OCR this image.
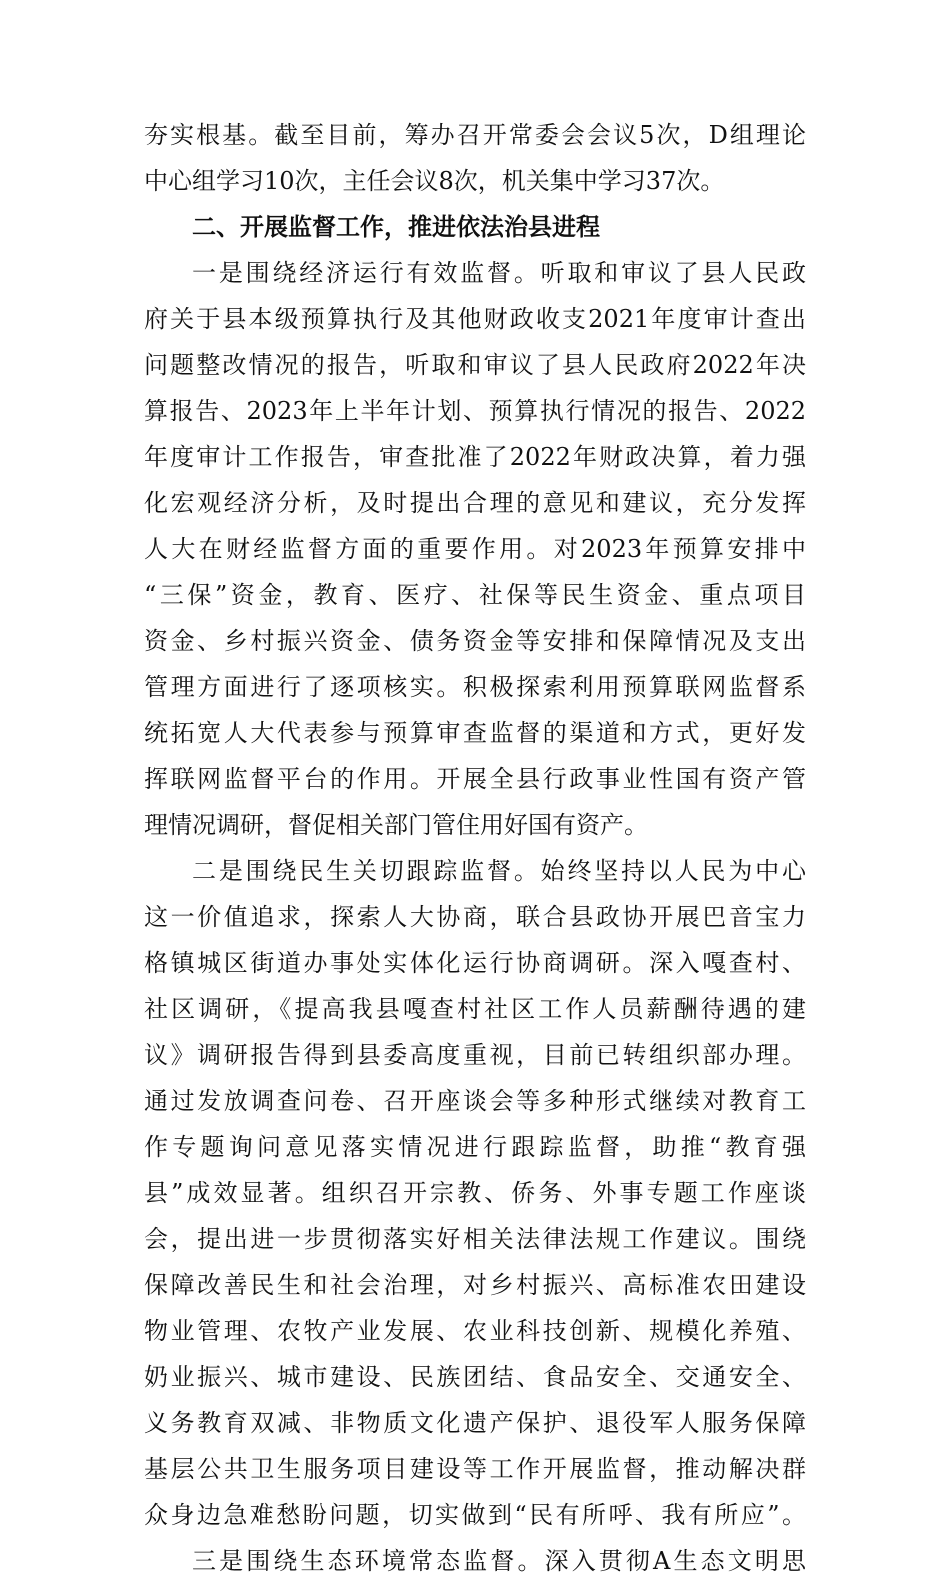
夯实根基。截至目前，筹办召开常委会会议5次，D组理论
中心组学习10次，主任会议8次，机关集中学习37次。
二、开展监督工作，推进依法治县进程
一是围绕经济运行有效监督。听取和审议了县人民政
府关于县本级预算执行及其他财政收支2021年度审计查出
问题整改情况的报告，听取和审议了县人民政府2022年决
算报告、2023年上半年计划、预算执行情况的报告、2022
年度审计工作报告，审查批准了2022年财政决算，着力强
化宏观经济分析，及时提出合理的意见和建议，充分发挥
人大在财经监督方面的重要作用。对2023年预算安排中
“三保”资金，教育、医疗、社保等民生资金、重点项目
资金、乡村振兴资金、债务资金等安排和保障情况及支出
管理方面进行了逐项核实。积极探索利用预算联网监督系
统拓宽人大代表参与预算审查监督的渠道和方式，更好发
挥联网监督平台的作用。开展全县行政事业性国有资产管
理情况调研，督促相关部门管住用好国有资产。
二是围绕民生关切跟踪监督。始终坚持以人民为中心
这一价值追求，探索人大协商，联合县政协开展巴音宝力
格镇城区街道办事处实体化运行协商调研。深入嘎查村、
社区调研，《提高我县嘎查村社区工作人员薪酬待遇的建
议》调研报告得到县委高度重视，目前已转组织部办理。
通过发放调查问卷、召开座谈会等多种形式继续对教育工
作专题询问意见落实情况进行跟踪监督，助推“教育强
县”成效显著。组织召开宗教、侨务、外事专题工作座谈
会，提出进一步贯彻落实好相关法律法规工作建议。围绕
保障改善民生和社会治理，对乡村振兴、高标准农田建设
物业管理、农牧产业发展、农业科技创新、规模化养殖、
奶业振兴、城市建设、民族团结、食品安全、交通安全、
义务教育双减、非物质文化遗产保护、退役军人服务保障
基层公共卫生服务项目建设等工作开展监督，推动解决群
众身边急难愁盼问题，切实做到“民有所呼、我有所应”。
三是围绕生态环境常态监督。深入贯彻A生态文明思
